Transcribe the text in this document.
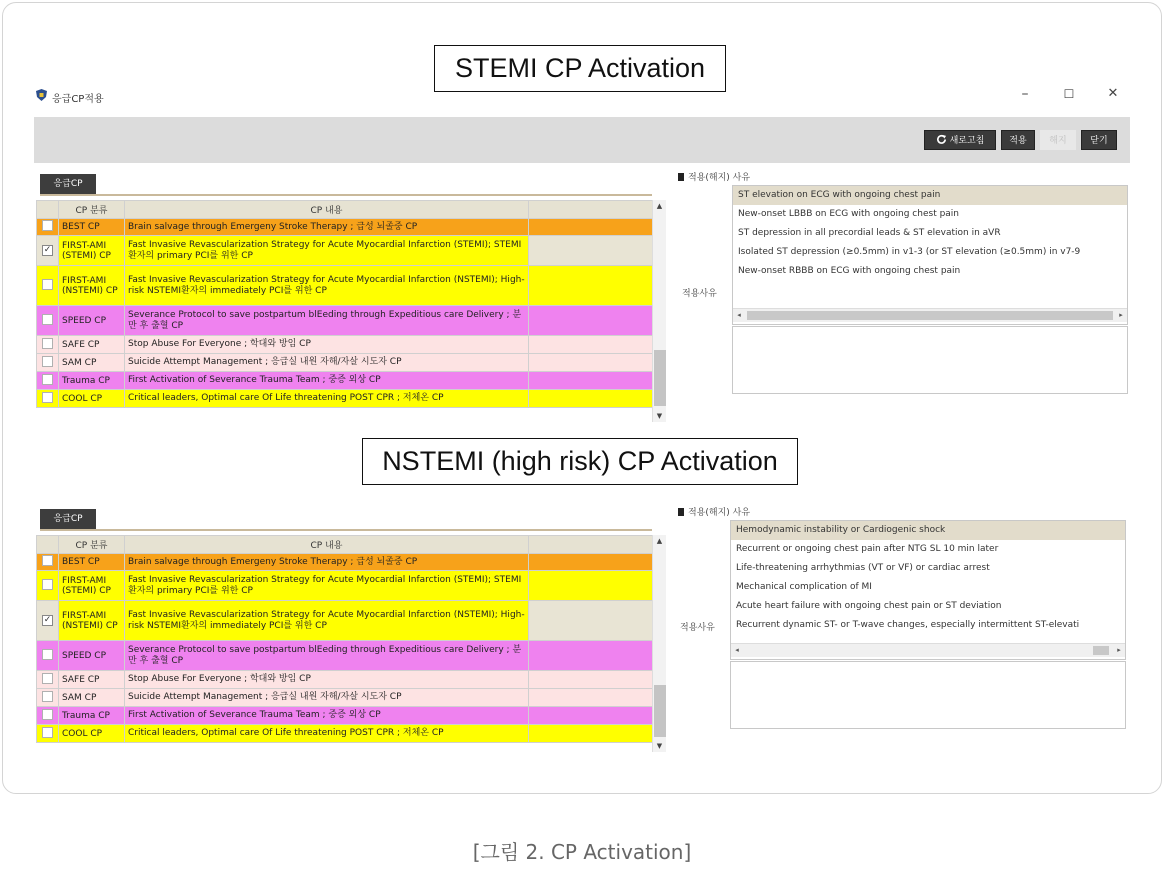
STEMI CP Activation
응급CP적용	–	☐	✕
새로고침	적용	해지	닫기
응급CP
	CP 분류	CP 내용	
	BEST CP	Brain salvage through Emergeny Stroke Therapy ; 급성 뇌졸중 CP	
✓	FIRST-AMI (STEMI) CP	Fast Invasive Revascularization Strategy for Acute Myocardial Infarction (STEMI); STEMI환자의 primary PCI를 위한 CP	
	FIRST-AMI (NSTEMI) CP	Fast Invasive Revascularization Strategy for Acute Myocardial Infarction (NSTEMI); High-risk NSTEMI환자의 immediately PCI를 위한 CP	
	SPEED CP	Severance Protocol to save postpartum blEeding through Expeditious care Delivery ; 분만 후 출혈 CP	
	SAFE CP	Stop Abuse For Everyone ; 학대와 방임 CP	
	SAM CP	Suicide Attempt Management ; 응급실 내원 자해/자살 시도자 CP	
	Trauma CP	First Activation of Severance Trauma Team ; 중증 외상 CP	
	COOL CP	Critical leaders, Optimal care Of Life threatening POST CPR ; 저체온 CP	
▲
▼
적용(해지) 사유
적용사유
ST elevation on ECG with ongoing chest pain
New-onset LBBB on ECG with ongoing chest pain
ST depression in all precordial leads & ST elevation in aVR
Isolated ST depression (≥0.5mm) in v1-3 (or ST elevation (≥0.5mm) in v7-9
New-onset RBBB on ECG with ongoing chest pain
◂	▸
NSTEMI (high risk) CP Activation
응급CP
	CP 분류	CP 내용	
	BEST CP	Brain salvage through Emergeny Stroke Therapy ; 급성 뇌졸중 CP	
	FIRST-AMI (STEMI) CP	Fast Invasive Revascularization Strategy for Acute Myocardial Infarction (STEMI); STEMI환자의 primary PCI를 위한 CP	
✓	FIRST-AMI (NSTEMI) CP	Fast Invasive Revascularization Strategy for Acute Myocardial Infarction (NSTEMI); High-risk NSTEMI환자의 immediately PCI를 위한 CP	
	SPEED CP	Severance Protocol to save postpartum blEeding through Expeditious care Delivery ; 분만 후 출혈 CP	
	SAFE CP	Stop Abuse For Everyone ; 학대와 방임 CP	
	SAM CP	Suicide Attempt Management ; 응급실 내원 자해/자살 시도자 CP	
	Trauma CP	First Activation of Severance Trauma Team ; 중증 외상 CP	
	COOL CP	Critical leaders, Optimal care Of Life threatening POST CPR ; 저체온 CP	
▲
▼
적용(해지) 사유
적용사유
Hemodynamic instability or Cardiogenic shock
Recurrent or ongoing chest pain after NTG SL 10 min later
Life-threatening arrhythmias (VT or VF) or cardiac arrest
Mechanical complication of MI
Acute heart failure with ongoing chest pain or ST deviation
Recurrent dynamic ST- or T-wave changes, especially intermittent ST-elevati
◂	▸
[그림 2. CP Activation]
